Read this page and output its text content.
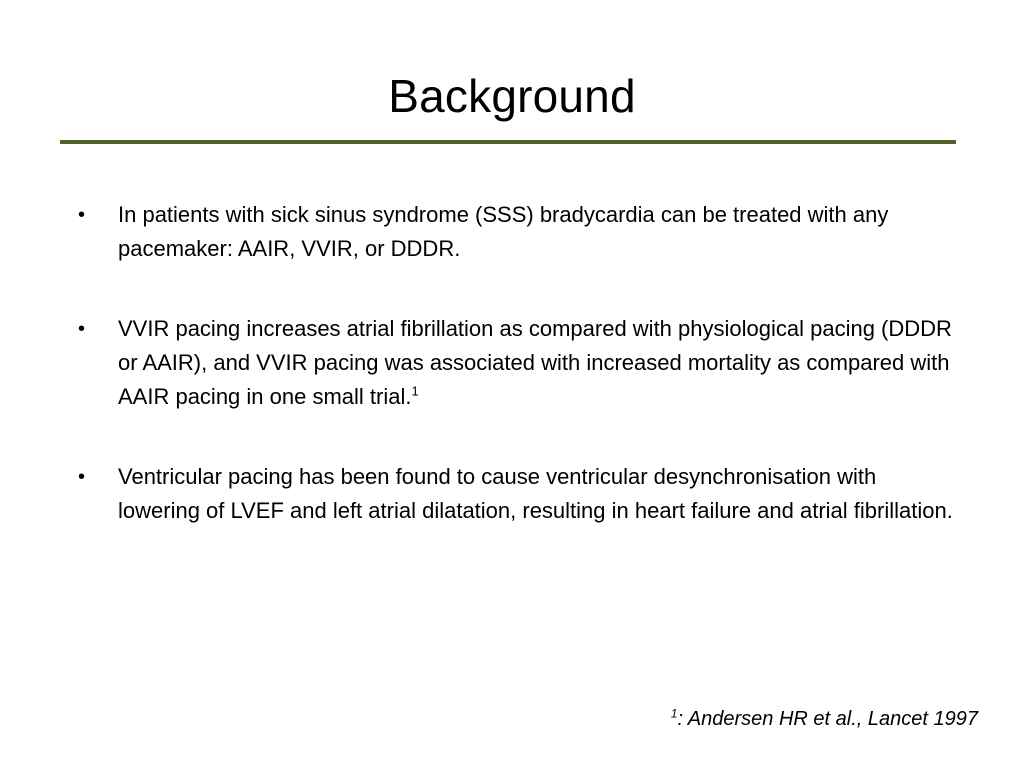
Background
• In patients with sick sinus syndrome (SSS) bradycardia can be treated with any pacemaker: AAIR, VVIR, or DDDR.
• VVIR pacing increases atrial fibrillation as compared with physiological pacing (DDDR or AAIR), and VVIR pacing was associated with increased mortality as compared with AAIR pacing in one small trial.$^1$
• Ventricular pacing has been found to cause ventricular desynchronisation with lowering of LVEF and left atrial dilatation, resulting in heart failure and atrial fibrillation.
$^1$: Andersen HR et al., Lancet 1997
